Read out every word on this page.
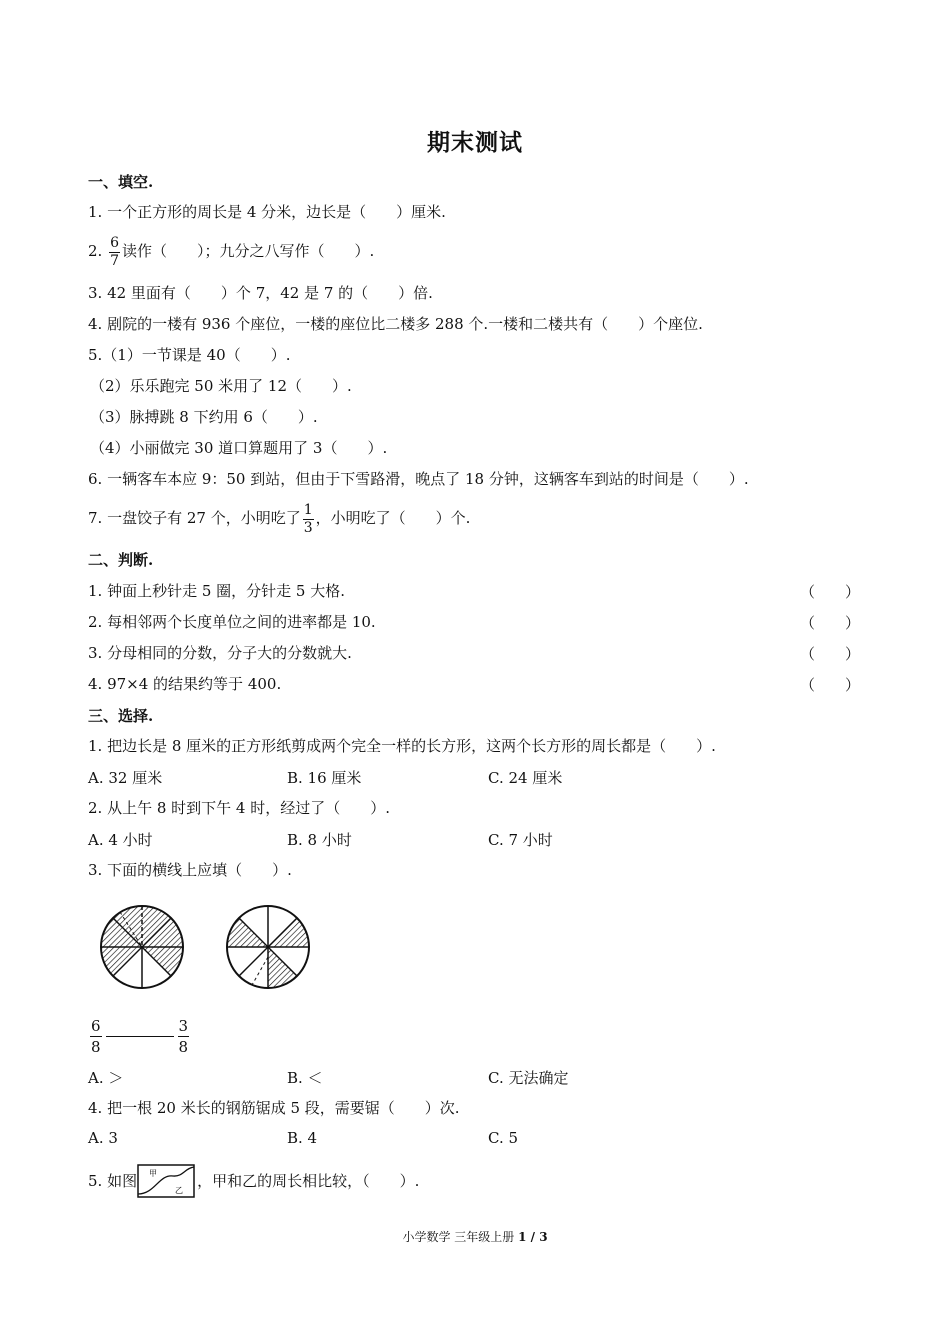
期末测试
一、填空.
1. 一个正方形的周长是 4 分米，边长是（　　）厘米.
2. $\frac{6}{7}$ 读作（　　）；九分之八写作（　　）.
3. 42 里面有（　　）个 7，42 是 7 的（　　）倍.
4. 剧院的一楼有 936 个座位，一楼的座位比二楼多 288 个.一楼和二楼共有（　　）个座位.
5.（1）一节课是 40（　　）.
（2）乐乐跑完 50 米用了 12（　　）.
（3）脉搏跳 8 下约用 6（　　）.
（4）小丽做完 30 道口算题用了 3（　　）.
6. 一辆客车本应 9：50 到站，但由于下雪路滑，晚点了 18 分钟，这辆客车到站的时间是（　　）.
7. 一盘饺子有 27 个，小明吃了 $\frac{1}{3}$ ，小明吃了（　　）个.
二、判断.
1. 钟面上秒针走 5 圈，分针走 5 大格.	（　　）
2. 每相邻两个长度单位之间的进率都是 10.	（　　）
3. 分母相同的分数，分子大的分数就大.	（　　）
4. 97×4 的结果约等于 400.	（　　）
三、选择.
1. 把边长是 8 厘米的正方形纸剪成两个完全一样的长方形，这两个长方形的周长都是（　　）.
A. 32 厘米	B. 16 厘米	C. 24 厘米
2. 从上午 8 时到下午 4 时，经过了（　　）.
A. 4 小时	B. 8 小时	C. 7 小时
3. 下面的横线上应填（　　）.
$\frac{6}{8}$	$\frac{3}{8}$
A. ＞	B. ＜	C. 无法确定
4. 把一根 20 米长的钢筋锯成 5 段，需要锯（　　）次.
A. 3	B. 4	C. 5
5. 如图 甲
乙
，甲和乙的周长相比较，（　　）.
小学数学 三年级上册 1 / 3
